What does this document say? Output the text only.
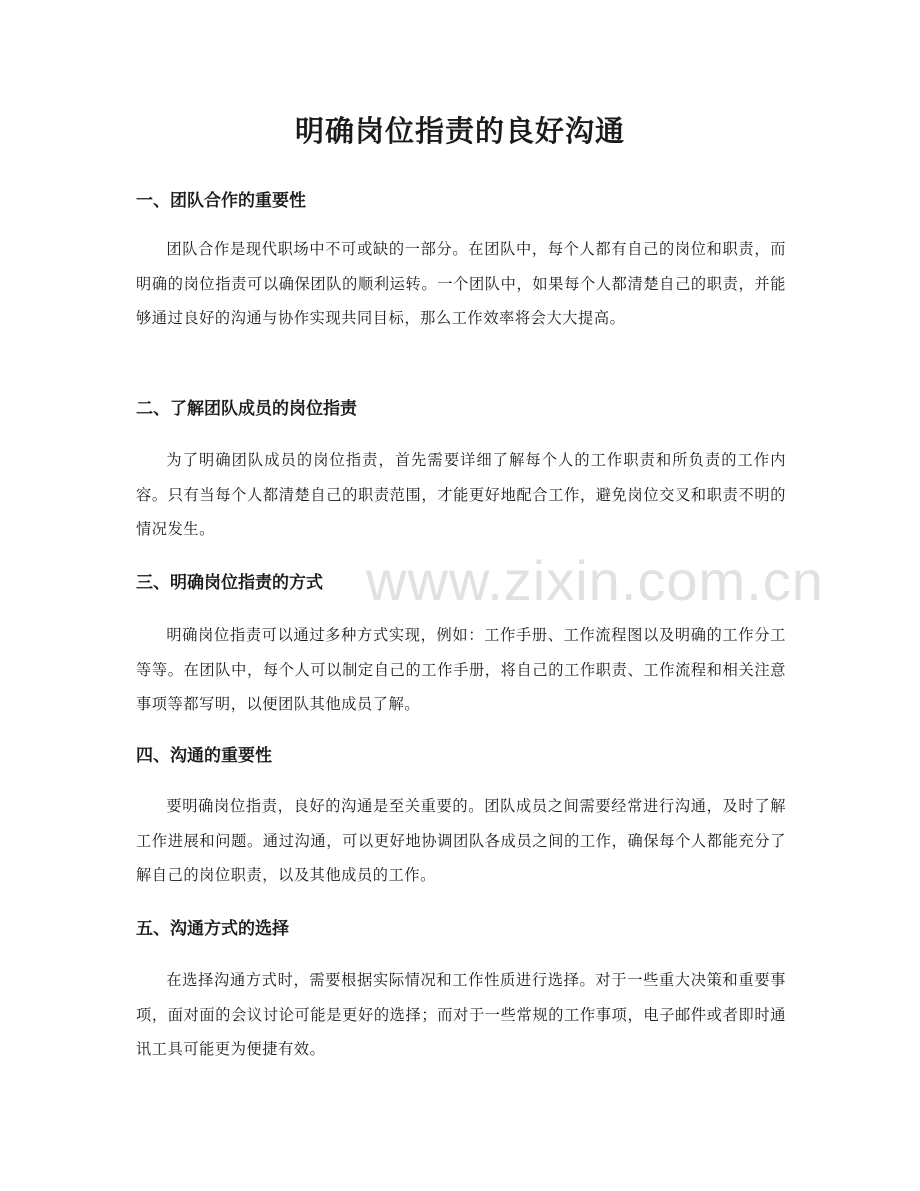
明确岗位指责的良好沟通
一、团队合作的重要性

团队合作是现代职场中不可或缺的一部分。在团队中，每个人都有自己的岗位和职责，而明确的岗位指责可以确保团队的顺利运转。一个团队中，如果每个人都清楚自己的职责，并能够通过良好的沟通与协作实现共同目标，那么工作效率将会大大提高。

二、了解团队成员的岗位指责

为了明确团队成员的岗位指责，首先需要详细了解每个人的工作职责和所负责的工作内容。只有当每个人都清楚自己的职责范围，才能更好地配合工作，避免岗位交叉和职责不明的情况发生。

三、明确岗位指责的方式

明确岗位指责可以通过多种方式实现，例如：工作手册、工作流程图以及明确的工作分工等等。在团队中，每个人可以制定自己的工作手册，将自己的工作职责、工作流程和相关注意事项等都写明，以便团队其他成员了解。

四、沟通的重要性

要明确岗位指责，良好的沟通是至关重要的。团队成员之间需要经常进行沟通，及时了解工作进展和问题。通过沟通，可以更好地协调团队各成员之间的工作，确保每个人都能充分了解自己的岗位职责，以及其他成员的工作。

五、沟通方式的选择

在选择沟通方式时，需要根据实际情况和工作性质进行选择。对于一些重大决策和重要事项，面对面的会议讨论可能是更好的选择；而对于一些常规的工作事项，电子邮件或者即时通讯工具可能更为便捷有效。

www.zixin.com.cn
